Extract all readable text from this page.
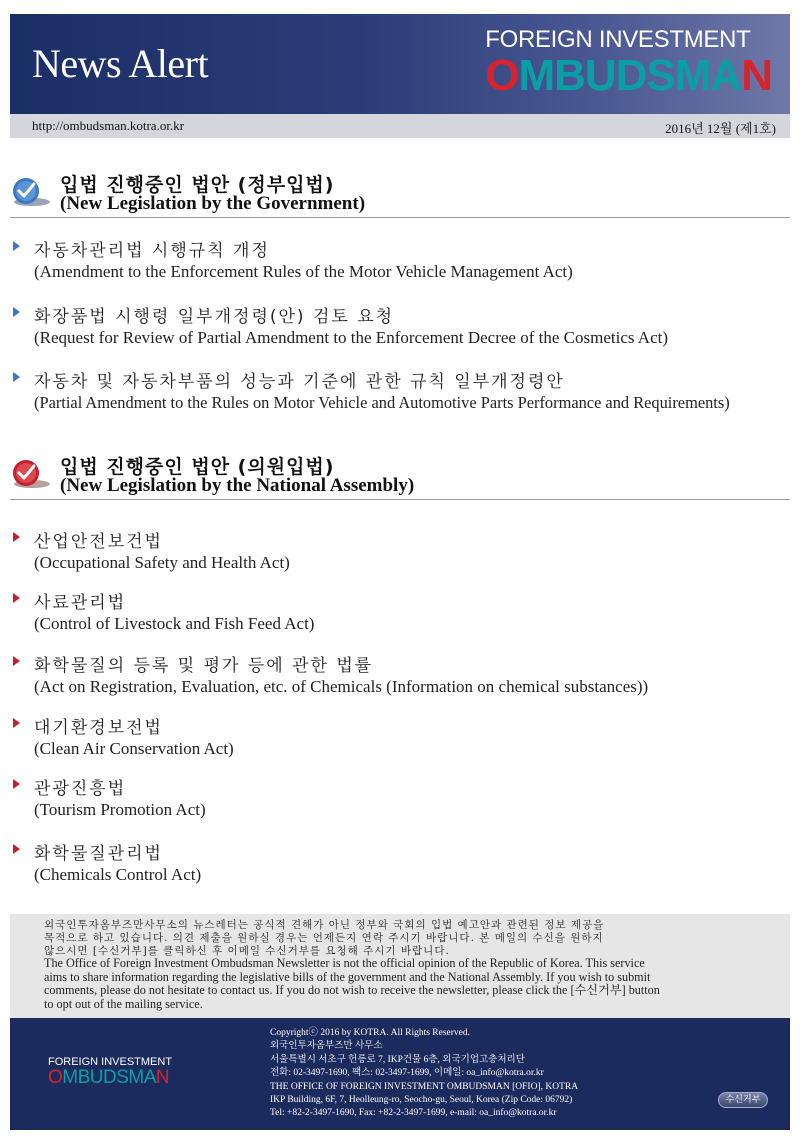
News Alert
FOREIGN INVESTMENT
OMBUDSMAN
http://ombudsman.kotra.or.kr	2016년 12월 (제1호)
입법 진행중인 법안 (정부입법)
(New Legislation by the Government)
자동차관리법 시행규칙 개정
(Amendment to the Enforcement Rules of the Motor Vehicle Management Act)
화장품법 시행령 일부개정령(안) 검토 요청
(Request for Review of Partial Amendment to the Enforcement Decree of the Cosmetics Act)
자동차 및 자동차부품의 성능과 기준에 관한 규칙 일부개정령안
(Partial Amendment to the Rules on Motor Vehicle and Automotive Parts Performance and Requirements)
입법 진행중인 법안 (의원입법)
(New Legislation by the National Assembly)
산업안전보건법
(Occupational Safety and Health Act)
사료관리법
(Control of Livestock and Fish Feed Act)
화학물질의 등록 및 평가 등에 관한 법률
(Act on Registration, Evaluation, etc. of Chemicals (Information on chemical substances))
대기환경보전법
(Clean Air Conservation Act)
관광진흥법
(Tourism Promotion Act)
화학물질관리법
(Chemicals Control Act)
외국인투자옴부즈만사무소의 뉴스레터는 공식적 견해가 아닌 정부와 국회의 입법 예고안과 관련된 정보 제공을
목적으로 하고 있습니다. 의견 제출을 원하실 경우는 언제든지 연락 주시기 바랍니다. 본 메일의 수신을 원하지
않으시면 [수신거부]를 클릭하신 후 이메일 수신거부를 요청해 주시기 바랍니다.
The Office of Foreign Investment Ombudsman Newsletter is not the official opinion of the Republic of Korea. This service
aims to share information regarding the legislative bills of the government and the National Assembly. If you wish to submit
comments, please do not hesitate to contact us. If you do not wish to receive the newsletter, please click the [수신거부] button
to opt out of the mailing service.
FOREIGN INVESTMENT
OMBUDSMAN
Copyrightⓒ 2016 by KOTRA. All Rights Reserved.
외국인투자옴부즈만 사무소
서울특별시 서초구 헌릉로 7, IKP건물 6층, 외국기업고충처리단
전화: 02-3497-1690, 팩스: 02-3497-1699, 이메일: oa_info@kotra.or.kr
THE OFFICE OF FOREIGN INVESTMENT OMBUDSMAN [OFIO], KOTRA
IKP Building, 6F, 7, Heolleung-ro, Seocho-gu, Seoul, Korea (Zip Code: 06792)
Tel: +82-2-3497-1690, Fax: +82-2-3497-1699, e-mail: oa_info@kotra.or.kr
수신거부
